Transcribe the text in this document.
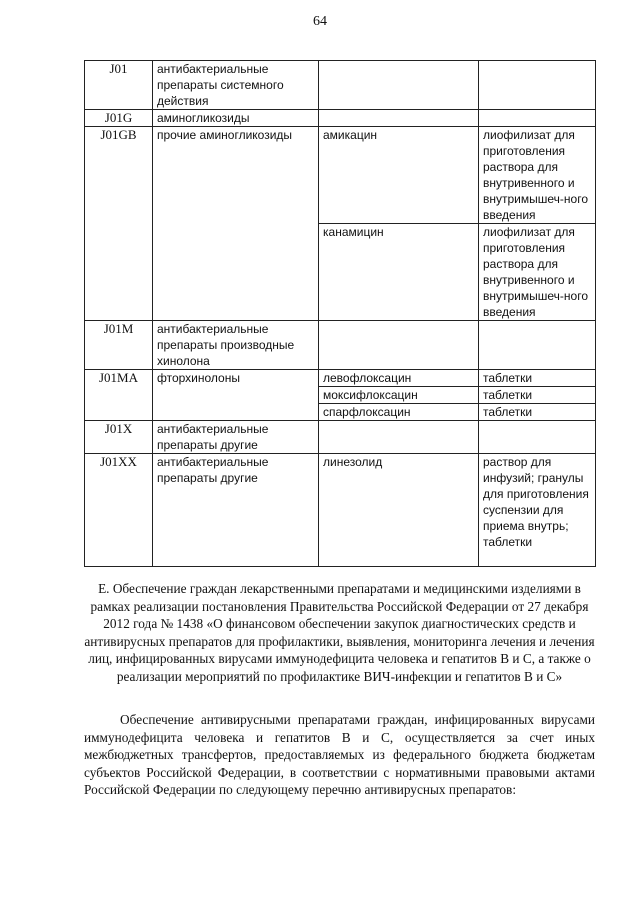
64
J01	антибактериальные препараты системного действия		
J01G	аминогликозиды		
J01GB	прочие аминогликозиды	амикацин	лиофилизат для приготовления раствора для внутривенного и внутримышеч-ного введения
		канамицин	лиофилизат для приготовления раствора для внутривенного и внутримышеч-ного введения
J01M	антибактериальные препараты производные хинолона		
J01MA	фторхинолоны	левофлоксацин	таблетки
		моксифлоксацин	таблетки
		спарфлоксацин	таблетки
J01X	антибактериальные препараты другие		
J01XX	антибактериальные препараты другие	линезолид	раствор для инфузий; гранулы для приготовления суспензии для приема внутрь; таблетки

Е. Обеспечение граждан лекарственными препаратами и медицинскими изделиями в рамках реализации постановления Правительства Российской Федерации от 27 декабря 2012 года № 1438 «О финансовом обеспечении закупок диагностических средств и антивирусных препаратов для профилактики, выявления, мониторинга лечения и лечения лиц, инфицированных вирусами иммунодефицита человека и гепатитов В и С, а также о реализации мероприятий по профилактике ВИЧ-инфекции и гепатитов В и С»

Обеспечение антивирусными препаратами граждан, инфицированных вирусами иммунодефицита человека и гепатитов В и С, осуществляется за счет иных межбюджетных трансфертов, предоставляемых из федерального бюджета бюджетам субъектов Российской Федерации, в соответствии с нормативными правовыми актами Российской Федерации по следующему перечню антивирусных препаратов:
